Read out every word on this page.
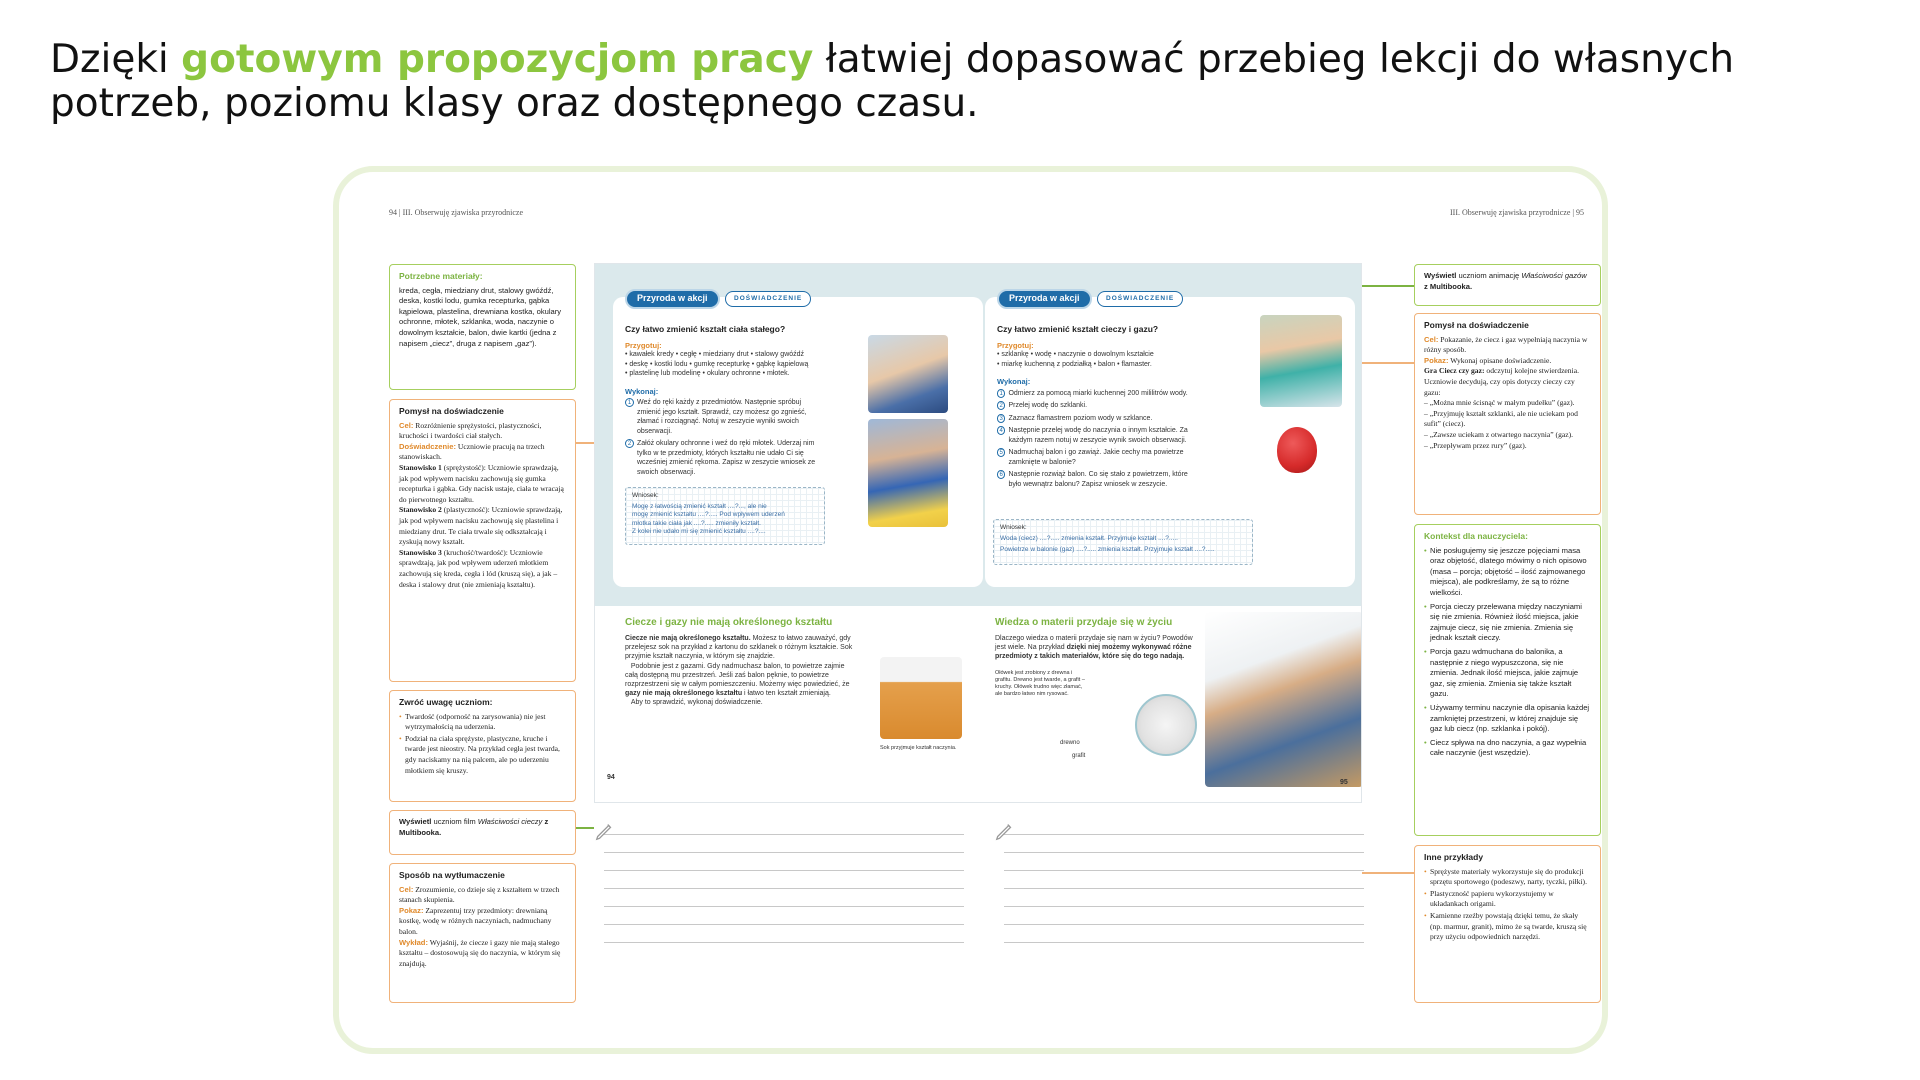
Dzięki gotowym propozycjom pracy łatwiej dopasować przebieg lekcji do własnych potrzeb, poziomu klasy oraz dostępnego czasu.
94 | III. Obserwuję zjawiska przyrodnicze	III. Obserwuję zjawiska przyrodnicze | 95
Potrzebne materiały:
kreda, cegła, miedziany drut, stalowy gwóźdź, deska, kostki lodu, gumka recepturka, gąbka kąpielowa, plastelina, drewniana kostka, okulary ochronne, młotek, szklanka, woda, naczynie o dowolnym kształcie, balon, dwie kartki (jedna z napisem „ciecz”, druga z napisem „gaz”).
Pomysł na doświadczenie
Cel: Rozróżnienie sprężystości, plastyczności, kruchości i twardości ciał stałych.
Doświadczenie: Uczniowie pracują na trzech stanowiskach.
Stanowisko 1 (sprężystość): Uczniowie sprawdzają, jak pod wpływem nacisku zachowują się gumka recepturka i gąbka. Gdy nacisk ustaje, ciała te wracają do pierwotnego kształtu.
Stanowisko 2 (plastyczność): Uczniowie sprawdzają, jak pod wpływem nacisku zachowują się plastelina i miedziany drut. Te ciała trwale się odkształcają i zyskują nowy kształt.
Stanowisko 3 (kruchość/twardość): Uczniowie sprawdzają, jak pod wpływem uderzeń młotkiem zachowują się kreda, cegła i lód (kruszą się), a jak – deska i stalowy drut (nie zmieniają kształtu).
Zwróć uwagę uczniom:
• Twardość (odporność na zarysowania) nie jest wytrzymałością na uderzenia.
• Podział na ciała sprężyste, plastyczne, kruche i twarde jest nieostry. Na przykład cegła jest twarda, gdy naciskamy na nią palcem, ale po uderzeniu młotkiem się kruszy.
Wyświetl uczniom film Właściwości cieczy z Multibooka.
Sposób na wytłumaczenie
Cel: Zrozumienie, co dzieje się z kształtem w trzech stanach skupienia.
Pokaz: Zaprezentuj trzy przedmioty: drewnianą kostkę, wodę w różnych naczyniach, nadmuchany balon.
Wykład: Wyjaśnij, że ciecze i gazy nie mają stałego kształtu – dostosowują się do naczynia, w którym się znajdują.
Przyroda w akcji	DOŚWIADCZENIE
Czy łatwo zmienić kształt ciała stałego?
Przygotuj:
• kawałek kredy • cegłę • miedziany drut • stalowy gwóźdź
• deskę • kostki lodu • gumkę recepturkę • gąbkę kąpielową
• plastelinę lub modelinę • okulary ochronne • młotek.
Wykonaj:
1 Weź do ręki każdy z przedmiotów. Następnie spróbuj zmienić jego kształt. Sprawdź, czy możesz go zgnieść, złamać i rozciągnąć. Notuj w zeszycie wyniki swoich obserwacji.
2 Załóż okulary ochronne i weź do ręki młotek. Uderzaj nim tylko w te przedmioty, których kształtu nie udało Ci się wcześniej zmienić rękoma. Zapisz w zeszycie wniosek ze swoich obserwacji.
Wniosek:
Mogę z łatwością zmienić kształt ....?..., ale nie
mogę zmienić kształtu ....?..... Pod wpływem uderzeń
młotka takie ciała jak ....?..... zmieniły kształt.
Z kolei nie udało mi się zmienić kształtu ....?....
Przyroda w akcji	DOŚWIADCZENIE
Czy łatwo zmienić kształt cieczy i gazu?
Przygotuj:
• szklankę • wodę • naczynie o dowolnym kształcie
• miarkę kuchenną z podziałką • balon • flamaster.
Wykonaj:
1 Odmierz za pomocą miarki kuchennej 200 mililitrów wody.
2 Przelej wodę do szklanki.
3 Zaznacz flamastrem poziom wody w szklance.
4 Następnie przelej wodę do naczynia o innym kształcie. Za każdym razem notuj w zeszycie wynik swoich obserwacji.
5 Nadmuchaj balon i go zawiąż. Jakie cechy ma powietrze zamknięte w balonie?
6 Następnie rozwiąż balon. Co się stało z powietrzem, które było wewnątrz balonu? Zapisz wniosek w zeszycie.
Wniosek:
Woda (ciecz) ....?..... zmienia kształt. Przyjmuje kształt ....?.....
Powietrze w balonie (gaz) ....?..... zmienia kształt. Przyjmuje kształt ....?.....
Ciecze i gazy nie mają określonego kształtu
Ciecze nie mają określonego kształtu. Możesz to łatwo zauważyć, gdy przelejesz sok na przykład z kartonu do szklanek o różnym kształcie. Sok przyjmie kształt naczynia, w którym się znajdzie.
Podobnie jest z gazami. Gdy nadmuchasz balon, to powietrze zajmie całą dostępną mu przestrzeń. Jeśli zaś balon pęknie, to powietrze rozprzestrzeni się w całym pomieszczeniu. Możemy więc powiedzieć, że gazy nie mają określonego kształtu i łatwo ten kształt zmieniają.
Aby to sprawdzić, wykonaj doświadczenie.
Sok przyjmuje kształt naczynia.
94
Wiedza o materii przydaje się w życiu
Dlaczego wiedza o materii przydaje się nam w życiu? Powodów jest wiele. Na przykład dzięki niej możemy wykonywać różne przedmioty z takich materiałów, które się do tego nadają.
Ołówek jest zrobiony z drewna i grafitu. Drewno jest twarde, a grafit – kruchy. Ołówek trudno więc złamać, ale bardzo łatwo nim rysować.
drewno
grafit
95
Wyświetl uczniom animację Właściwości gazów z Multibooka.
Pomysł na doświadczenie
Cel: Pokazanie, że ciecz i gaz wypełniają naczynia w różny sposób.
Pokaz: Wykonaj opisane doświadczenie.
Gra Ciecz czy gaz: odczytuj kolejne stwierdzenia. Uczniowie decydują, czy opis dotyczy cieczy czy gazu:
– „Można mnie ścisnąć w małym pudełku” (gaz).
– „Przyjmuję kształt szklanki, ale nie uciekam pod sufit” (ciecz).
– „Zawsze uciekam z otwartego naczynia” (gaz).
– „Przepływam przez rury” (gaz).
Kontekst dla nauczyciela:
• Nie posługujemy się jeszcze pojęciami masa oraz objętość, dlatego mówimy o nich opisowo (masa – porcja; objętość – ilość zajmowanego miejsca), ale podkreślamy, że są to różne wielkości.
• Porcja cieczy przelewana między naczyniami się nie zmienia. Również ilość miejsca, jakie zajmuje ciecz, się nie zmienia. Zmienia się jednak kształt cieczy.
• Porcja gazu wdmuchana do balonika, a następnie z niego wypuszczona, się nie zmienia. Jednak ilość miejsca, jakie zajmuje gaz, się zmienia. Zmienia się także kształt gazu.
• Używamy terminu naczynie dla opisania każdej zamkniętej przestrzeni, w której znajduje się gaz lub ciecz (np. szklanka i pokój).
• Ciecz spływa na dno naczynia, a gaz wypełnia całe naczynie (jest wszędzie).
Inne przykłady
• Sprężyste materiały wykorzystuje się do produkcji sprzętu sportowego (podeszwy, narty, tyczki, piłki).
• Plastyczność papieru wykorzystujemy w układankach origami.
• Kamienne rzeźby powstają dzięki temu, że skały (np. marmur, granit), mimo że są twarde, kruszą się przy użyciu odpowiednich narzędzi.
